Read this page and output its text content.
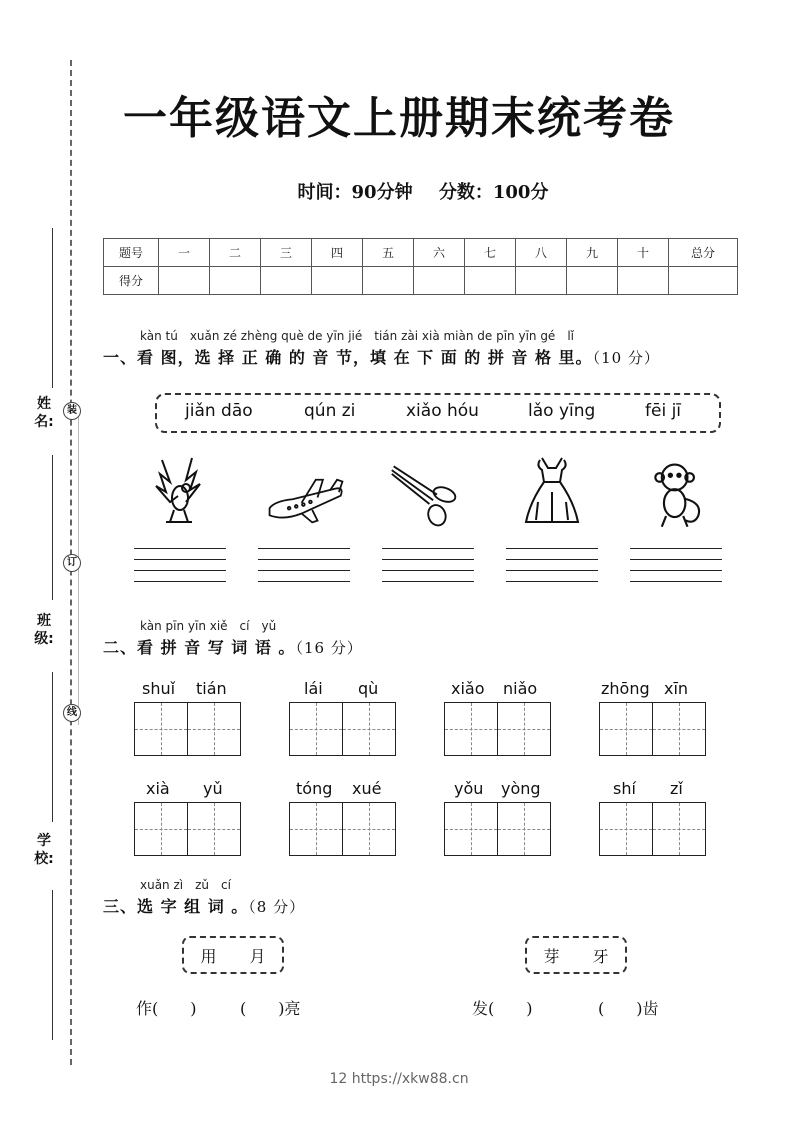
装
订
线
姓名:
班级:
学校:
一年级语文上册期末统考卷
时间：90分钟 分数：100分
题号	一	二	三	四	五	六	七	八	九	十	总分
得分											
kàn tú　xuǎn zé zhèng què de yīn jié　tián zài xià miàn de pīn yīn gé　lǐ
一、看 图，选 择 正 确 的 音 节，填 在 下 面 的 拼 音 格 里。（10 分）
jiǎn dāo	qún zi	xiǎo hóu	lǎo yīng	fēi jī
kàn pīn yīn xiě　cí　yǔ
二、看 拼 音 写 词 语 。（16 分）
shuǐ tián	lái qù	xiǎo niǎo	zhōng xīn
xià yǔ	tóng xué	yǒu yòng	shí zǐ
xuǎn zì　zǔ　cí
三、选 字 组 词 。（8 分）
用 月	芽 牙
作(　　)	(　　)亮	发(　　)	(　　)齿
12 https://xkw88.cn
